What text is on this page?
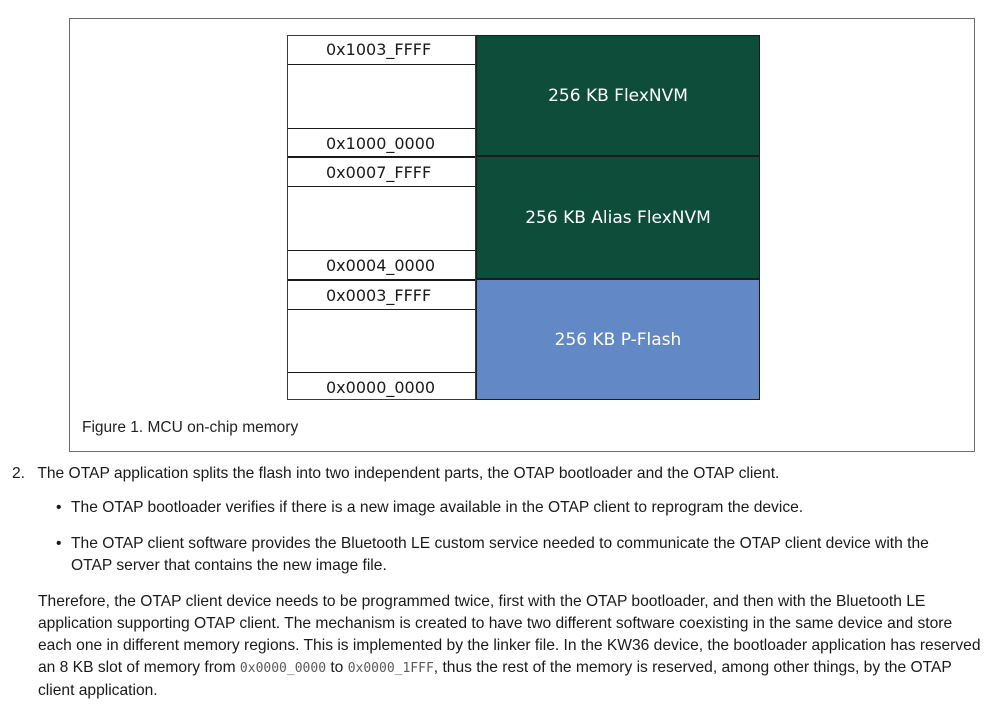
0x1003_FFFF
0x1000_0000
0x0007_FFFF
0x0004_0000
0x0003_FFFF
0x0000_0000
256 KB FlexNVM
256 KB Alias FlexNVM
256 KB P-Flash
Figure 1. MCU on-chip memory
2. The OTAP application splits the flash into two independent parts, the OTAP bootloader and the OTAP client.
• The OTAP bootloader verifies if there is a new image available in the OTAP client to reprogram the device.
• The OTAP client software provides the Bluetooth LE custom service needed to communicate the OTAP client device with the OTAP server that contains the new image file.
Therefore, the OTAP client device needs to be programmed twice, first with the OTAP bootloader, and then with the Bluetooth LE application supporting OTAP client. The mechanism is created to have two different software coexisting in the same device and store each one in different memory regions. This is implemented by the linker file. In the KW36 device, the bootloader application has reserved an 8 KB slot of memory from 0x0000_0000 to 0x0000_1FFF, thus the rest of the memory is reserved, among other things, by the OTAP client application.
